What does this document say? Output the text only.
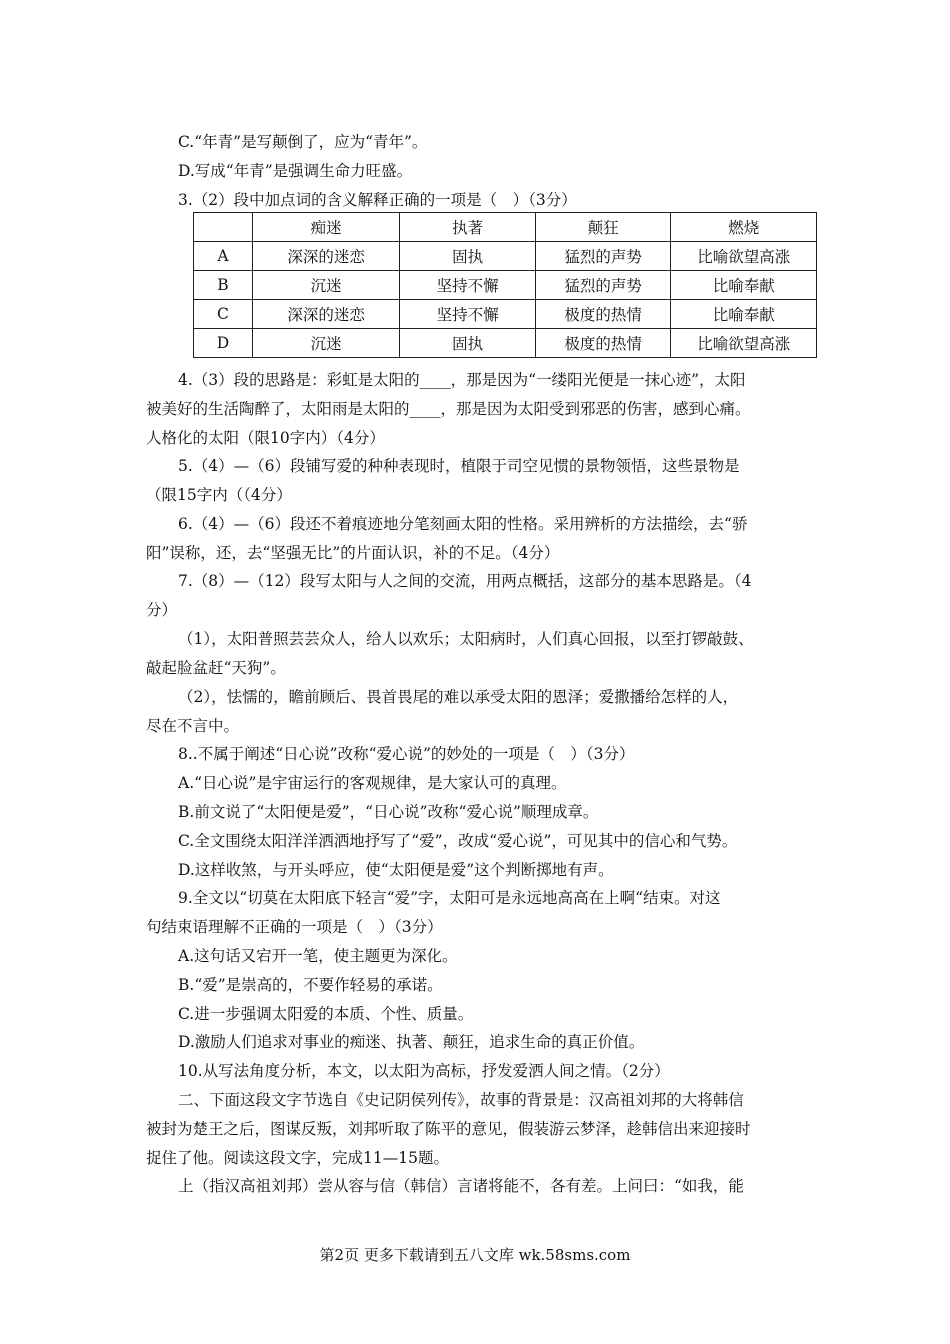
C.“年青”是写颠倒了，应为“青年”。

D.写成“年青”是强调生命力旺盛。

3.（2）段中加点词的含义解释正确的一项是（　）（3分）

	痴迷	执著	颠狂	燃烧
A	深深的迷恋	固执	猛烈的声势	比喻欲望高涨
B	沉迷	坚持不懈	猛烈的声势	比喻奉献
C	深深的迷恋	坚持不懈	极度的热情	比喻奉献
D	沉迷	固执	极度的热情	比喻欲望高涨

4.（3）段的思路是：彩虹是太阳的____，那是因为“一缕阳光便是一抹心迹”，太阳

被美好的生活陶醉了，太阳雨是太阳的____，那是因为太阳受到邪恶的伤害，感到心痛。

人格化的太阳（限10字内）（4分）

5.（4）—（6）段铺写爱的种种表现时，植限于司空见惯的景物领悟，这些景物是

（限15字内（（4分）

6.（4）—（6）段还不着痕迹地分笔刻画太阳的性格。采用辨析的方法描绘，去“骄

阳”误称，还，去“坚强无比”的片面认识，补的不足。（4分）

7.（8）—（12）段写太阳与人之间的交流，用两点概括，这部分的基本思路是。（4

分）

（1），太阳普照芸芸众人，给人以欢乐；太阳病时，人们真心回报，以至打锣敲鼓、

敲起脸盆赶“天狗”。

（2），怯懦的，瞻前顾后、畏首畏尾的难以承受太阳的恩泽；爱撒播给怎样的人，

尽在不言中。

8..不属于阐述“日心说”改称“爱心说”的妙处的一项是（　）（3分）

A.“日心说”是宇宙运行的客观规律，是大家认可的真理。

B.前文说了“太阳便是爱”，“日心说”改称“爱心说”顺理成章。

C.全文围绕太阳洋洋洒洒地抒写了“爱”，改成“爱心说”，可见其中的信心和气势。

D.这样收煞，与开头呼应，使“太阳便是爱”这个判断掷地有声。

9.全文以“切莫在太阳底下轻言“爱”字，太阳可是永远地高高在上啊“结束。对这

句结束语理解不正确的一项是（　）（3分）

A.这句话又宕开一笔，使主题更为深化。

B.“爱”是崇高的，不要作轻易的承诺。

C.进一步强调太阳爱的本质、个性、质量。

D.激励人们追求对事业的痴迷、执著、颠狂，追求生命的真正价值。

10.从写法角度分析，本文，以太阳为高标，抒发爱洒人间之情。（2分）

二、下面这段文字节选自《史记阴侯列传》，故事的背景是：汉高祖刘邦的大将韩信

被封为楚王之后，图谋反叛，刘邦听取了陈平的意见，假装游云梦泽，趁韩信出来迎接时

捉住了他。阅读这段文字，完成11—15题。

上（指汉高祖刘邦）尝从容与信（韩信）言诸将能不，各有差。上问曰：“如我，能

第2页 更多下载请到五八文库 wk.58sms.com
